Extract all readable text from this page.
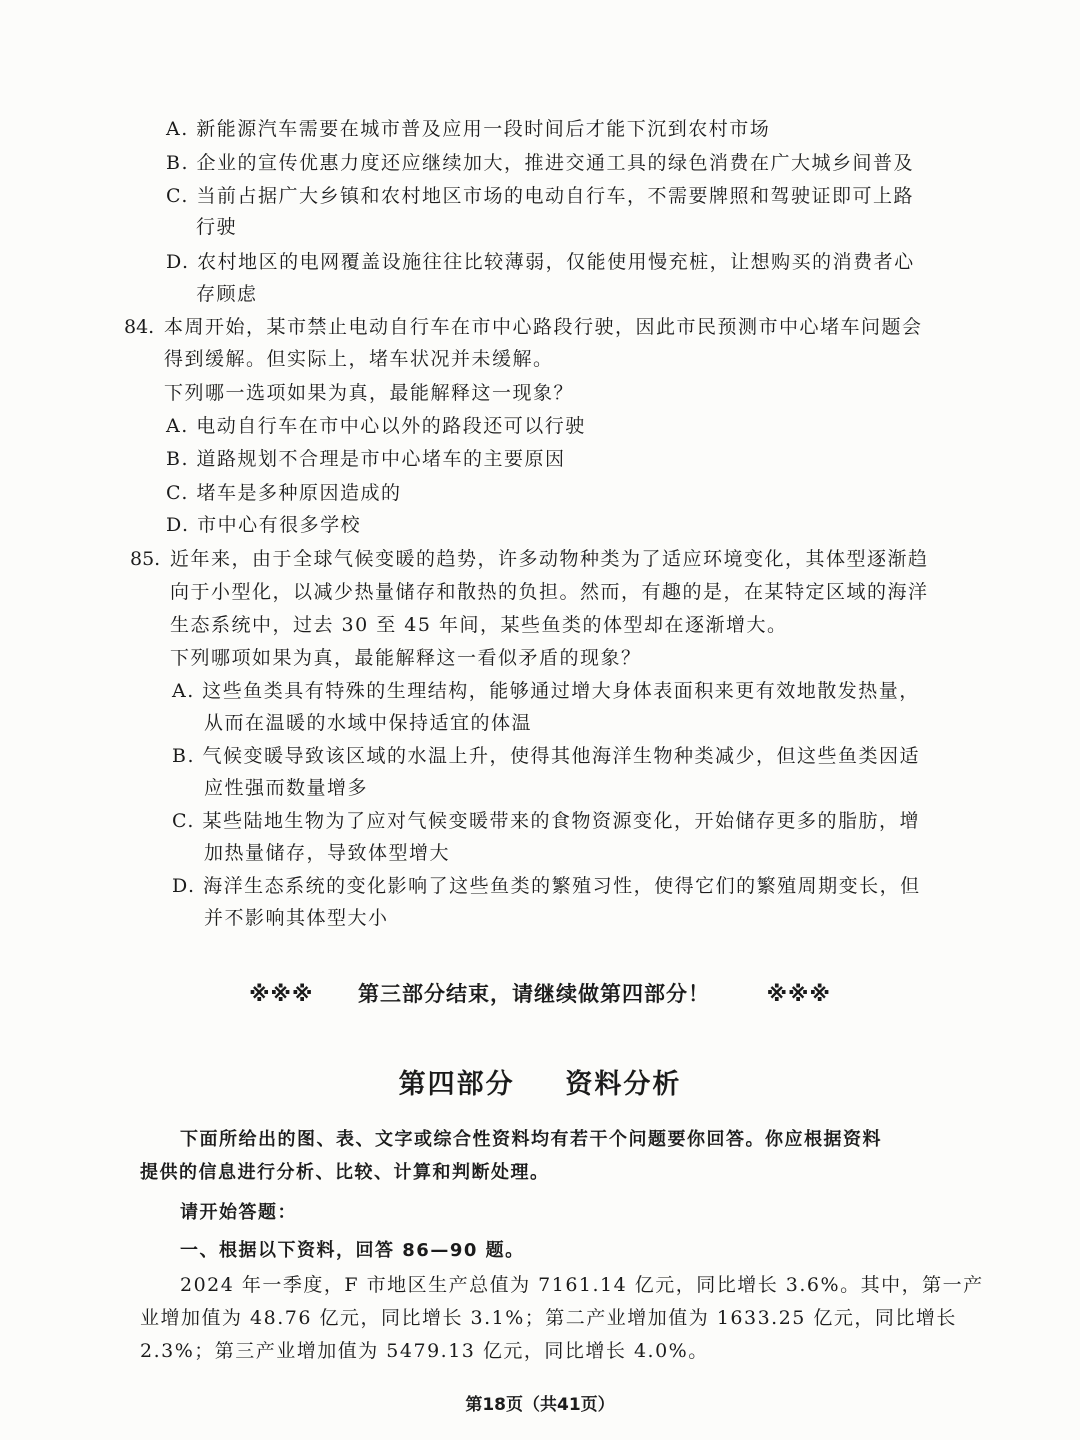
A. 新能源汽车需要在城市普及应用一段时间后才能下沉到农村市场
B. 企业的宣传优惠力度还应继续加大，推进交通工具的绿色消费在广大城乡间普及
C. 当前占据广大乡镇和农村地区市场的电动自行车，不需要牌照和驾驶证即可上路
行驶
D. 农村地区的电网覆盖设施往往比较薄弱，仅能使用慢充桩，让想购买的消费者心
存顾虑
84. 本周开始，某市禁止电动自行车在市中心路段行驶，因此市民预测市中心堵车问题会
得到缓解。但实际上，堵车状况并未缓解。
下列哪一选项如果为真，最能解释这一现象？
A. 电动自行车在市中心以外的路段还可以行驶
B. 道路规划不合理是市中心堵车的主要原因
C. 堵车是多种原因造成的
D. 市中心有很多学校
85. 近年来，由于全球气候变暖的趋势，许多动物种类为了适应环境变化，其体型逐渐趋
向于小型化，以减少热量储存和散热的负担。然而，有趣的是，在某特定区域的海洋
生态系统中，过去 30 至 45 年间，某些鱼类的体型却在逐渐增大。
下列哪项如果为真，最能解释这一看似矛盾的现象？
A. 这些鱼类具有特殊的生理结构，能够通过增大身体表面积来更有效地散发热量，
从而在温暖的水域中保持适宜的体温
B. 气候变暖导致该区域的水温上升，使得其他海洋生物种类减少，但这些鱼类因适
应性强而数量增多
C. 某些陆地生物为了应对气候变暖带来的食物资源变化，开始储存更多的脂肪，增
加热量储存，导致体型增大
D. 海洋生态系统的变化影响了这些鱼类的繁殖习性，使得它们的繁殖周期变长，但
并不影响其体型大小
※※※ 第三部分结束，请继续做第四部分！	※※※
第四部分 资料分析
下面所给出的图、表、文字或综合性资料均有若干个问题要你回答。你应根据资料
提供的信息进行分析、比较、计算和判断处理。
请开始答题：
一、根据以下资料，回答 86—90 题。
2024 年一季度，F 市地区生产总值为 7161.14 亿元，同比增长 3.6%。其中，第一产
业增加值为 48.76 亿元，同比增长 3.1%；第二产业增加值为 1633.25 亿元，同比增长
2.3%；第三产业增加值为 5479.13 亿元，同比增长 4.0%。
第18页（共41页）
